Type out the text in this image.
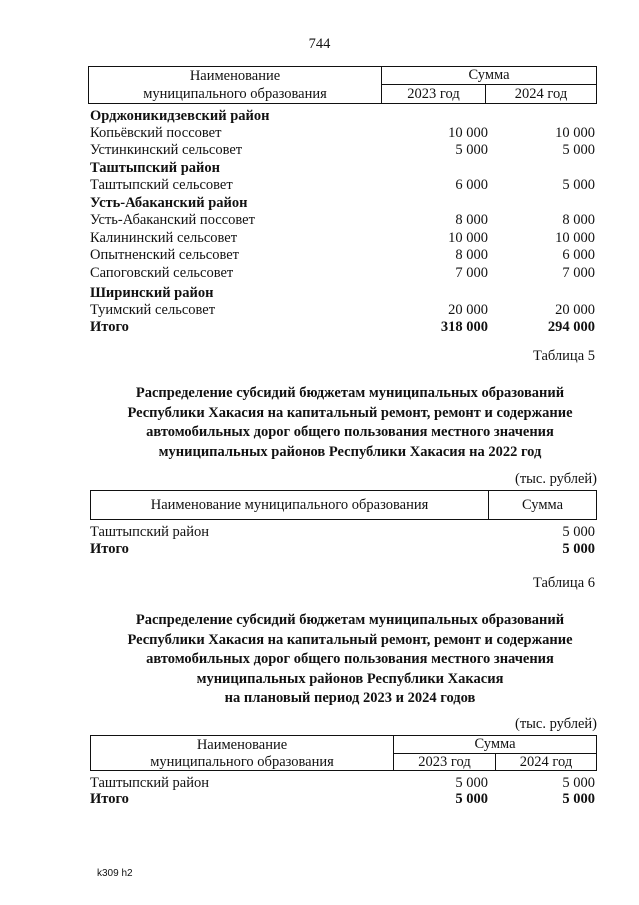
744
Наименование
муниципального образования
Сумма
2023 год	2024 год
Орджоникидзевский район
Копьёвский поссовет	10 000	10 000
Устинкинский сельсовет	5 000	5 000
Таштыпский район
Таштыпский сельсовет	6 000	5 000
Усть-Абаканский район
Усть-Абаканский поссовет	8 000	8 000
Калининский сельсовет	10 000	10 000
Опытненский сельсовет	8 000	6 000
Сапоговский сельсовет	7 000	7 000
Ширинский район
Туимский сельсовет	20 000	20 000
Итого	318 000	294 000
Таблица 5
Распределение субсидий бюджетам муниципальных образований
Республики Хакасия на капитальный ремонт, ремонт и содержание
автомобильных дорог общего пользования местного значения
муниципальных районов Республики Хакасия на 2022 год
(тыс. рублей)
Наименование муниципального образования	Сумма
Таштыпский район	5 000
Итого	5 000
Таблица 6
Распределение субсидий бюджетам муниципальных образований
Республики Хакасия на капитальный ремонт, ремонт и содержание
автомобильных дорог общего пользования местного значения
муниципальных районов Республики Хакасия
на плановый период 2023 и 2024 годов
(тыс. рублей)
Наименование
муниципального образования
Сумма
2023 год	2024 год
Таштыпский район	5 000	5 000
Итого	5 000	5 000
k309 h2
